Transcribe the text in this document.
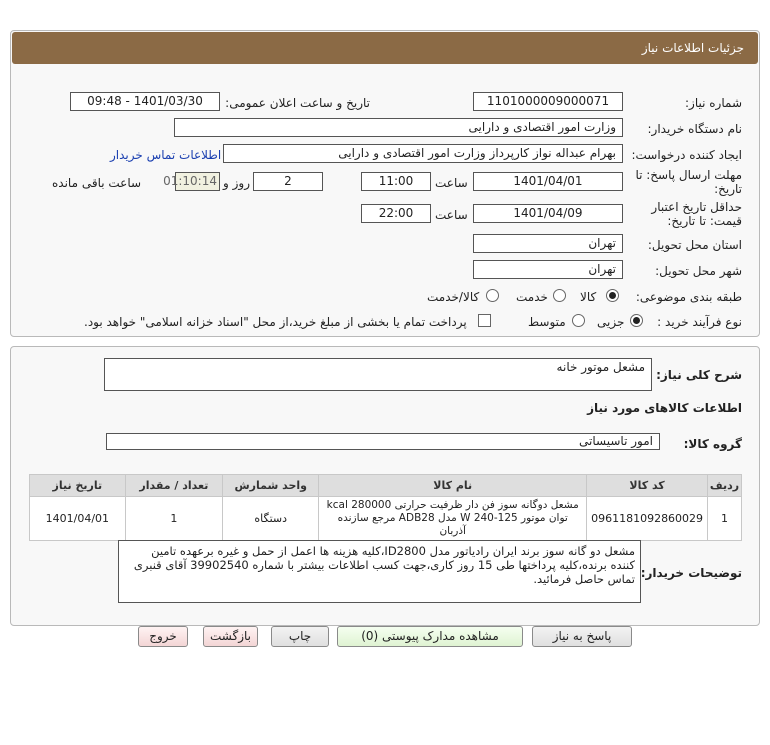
جزئیات اطلاعات نیاز
شماره نیاز:
1101000009000071
تاریخ و ساعت اعلان عمومی:
1401/03/30 - 09:48
نام دستگاه خریدار:
وزارت امور اقتصادی و دارایی
ایجاد کننده درخواست:
بهرام عبداله نواز کارپرداز وزارت امور اقتصادی و دارایی
اطلاعات تماس خریدار
مهلت ارسال پاسخ: تا
تاریخ:
1401/04/01
ساعت
11:00
2
روز و
01:10:14
ساعت باقی مانده
حداقل تاریخ اعتبار
قیمت: تا تاریخ:
1401/04/09
ساعت
22:00
استان محل تحویل:
تهران
شهر محل تحویل:
تهران
طبقه بندی موضوعی:
کالا
خدمت
کالا/خدمت
نوع فرآیند خرید :
جزیی
متوسط
پرداخت تمام یا بخشی از مبلغ خرید،از محل "اسناد خزانه اسلامی" خواهد بود.
شرح کلی نیاز:
مشعل موتور خانه
اطلاعات کالاهای مورد نیاز
گروه کالا:
امور تاسیساتی
تاریخ نیاز	تعداد / مقدار	واحد شمارش	نام کالا	کد کالا	ردیف
1401/04/01	1	دستگاه	مشعل دوگانه سوز فن دار ظرفیت حرارتی kcal 280000 توان موتور W 240-125 مدل ADB28 مرجع سازنده آذربان	0961181092860029	1
توضیحات خریدار:
مشعل دو گانه سوز برند ایران رادیاتور مدل ID2800،کلیه هزینه ها اعمل از حمل و غیره برعهده تامین کننده برنده،کلیه پرداختها طی 15 روز کاری،جهت کسب اطلاعات بیشتر با شماره 39902540 آقای قنبری تماس حاصل فرمائید.
پاسخ به نیاز
مشاهده مدارک پیوستی (0)
چاپ
بازگشت
خروج
